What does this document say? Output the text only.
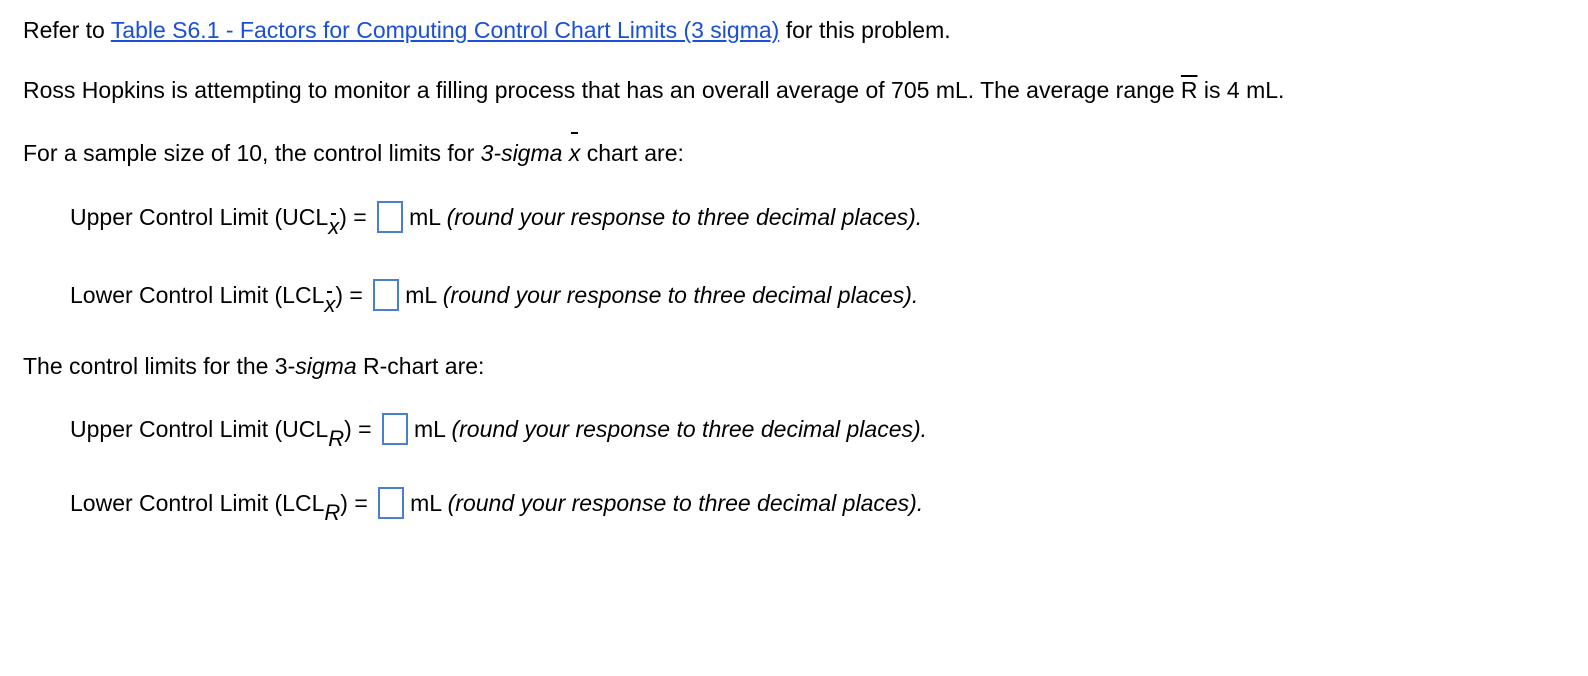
Refer to Table S6.1 - Factors for Computing Control Chart Limits (3 sigma) for this problem.
Ross Hopkins is attempting to monitor a filling process that has an overall average of 705 mL. The average range $\overline{R}$ is 4 mL.
For a sample size of 10, the control limits for 3-sigma x chart are:
Upper Control Limit (UCLx) = mL (round your response to three decimal places).
Lower Control Limit (LCLx) = mL (round your response to three decimal places).
The control limits for the 3-sigma R-chart are:
Upper Control Limit (UCLR) = mL (round your response to three decimal places).
Lower Control Limit (LCLR) = mL (round your response to three decimal places).
